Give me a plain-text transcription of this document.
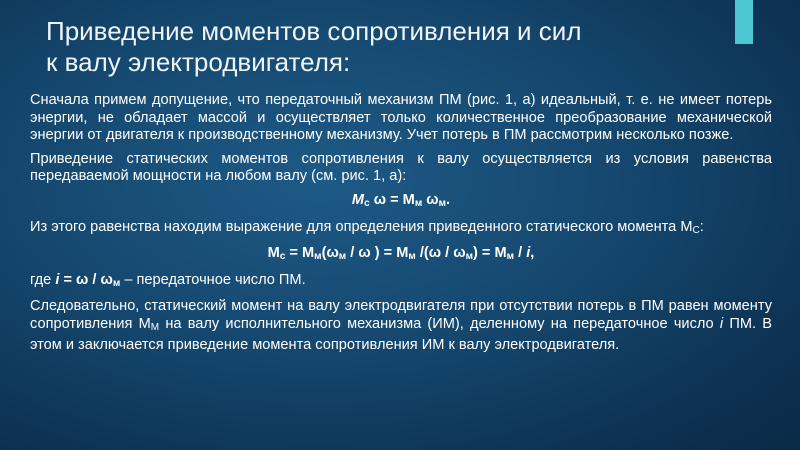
Приведение моментов сопротивления и сил
к валу электродвигателя:

Сначала примем допущение, что передаточный механизм ПМ (рис. 1, а) идеальный, т. е. не имеет потерь энергии, не обладает массой и осуществляет только количественное преобразование механической энергии от двигателя к производственному механизму. Учет потерь в ПМ рассмотрим несколько позже.

Приведение статических моментов сопротивления к валу осуществляется из условия равенства передаваемой мощности на любом валу (см. рис. 1, а):

$M_c$ $\omega = M_м$ $\omega_м$.

Из этого равенства находим выражение для определения приведенного статического момента $M_C$:

$M_c = M_м(\omega_м / \omega$ ) = $M_м$ $/(\omega / \omega_м) = M_м / i$,

где $i = \omega / \omega_м$ – передаточное число ПМ.

Следовательно, статический момент на валу электродвигателя при отсутствии потерь в ПМ равен моменту сопротивления $M_М$ на валу исполнительного механизма (ИМ), деленному на передаточное число i ПМ. В этом и заключается приведение момента сопротивления ИМ к валу электродвигателя.
